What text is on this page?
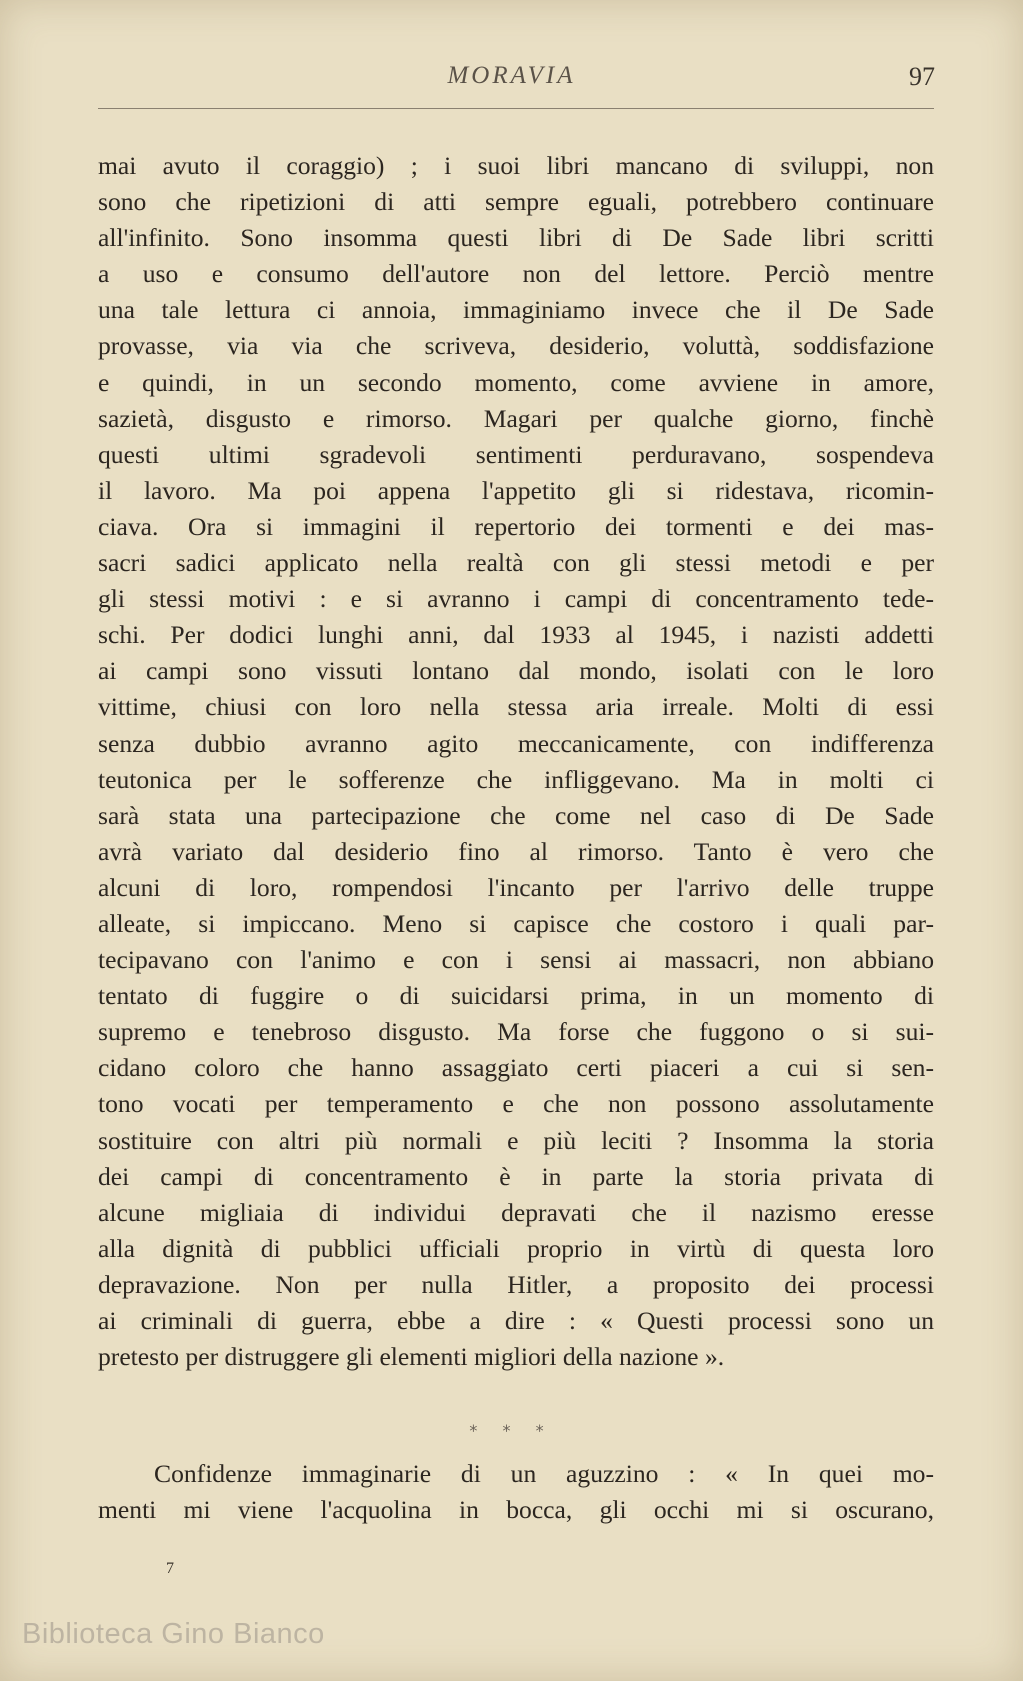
MORAVIA	97
mai avuto il coraggio) ; i suoi libri mancano di sviluppi, non
sono che ripetizioni di atti sempre eguali, potrebbero continuare
all'infinito. Sono insomma questi libri di De Sade libri scritti
a uso e consumo dell'autore non del lettore. Perciò mentre
una tale lettura ci annoia, immaginiamo invece che il De Sade
provasse, via via che scriveva, desiderio, voluttà, soddisfazione
e quindi, in un secondo momento, come avviene in amore,
sazietà, disgusto e rimorso. Magari per qualche giorno, finchè
questi ultimi sgradevoli sentimenti perduravano, sospendeva
il lavoro. Ma poi appena l'appetito gli si ridestava, ricomin-
ciava. Ora si immagini il repertorio dei tormenti e dei mas-
sacri sadici applicato nella realtà con gli stessi metodi e per
gli stessi motivi : e si avranno i campi di concentramento tede-
schi. Per dodici lunghi anni, dal 1933 al 1945, i nazisti addetti
ai campi sono vissuti lontano dal mondo, isolati con le loro
vittime, chiusi con loro nella stessa aria irreale. Molti di essi
senza dubbio avranno agito meccanicamente, con indifferenza
teutonica per le sofferenze che infliggevano. Ma in molti ci
sarà stata una partecipazione che come nel caso di De Sade
avrà variato dal desiderio fino al rimorso. Tanto è vero che
alcuni di loro, rompendosi l'incanto per l'arrivo delle truppe
alleate, si impiccano. Meno si capisce che costoro i quali par-
tecipavano con l'animo e con i sensi ai massacri, non abbiano
tentato di fuggire o di suicidarsi prima, in un momento di
supremo e tenebroso disgusto. Ma forse che fuggono o si sui-
cidano coloro che hanno assaggiato certi piaceri a cui si sen-
tono vocati per temperamento e che non possono assolutamente
sostituire con altri più normali e più leciti ? Insomma la storia
dei campi di concentramento è in parte la storia privata di
alcune migliaia di individui depravati che il nazismo eresse
alla dignità di pubblici ufficiali proprio in virtù di questa loro
depravazione. Non per nulla Hitler, a proposito dei processi
ai criminali di guerra, ebbe a dire : « Questi processi sono un
pretesto per distruggere gli elementi migliori della nazione ».
* * *
Confidenze immaginarie di un aguzzino : « In quei mo-
menti mi viene l'acquolina in bocca, gli occhi mi si oscurano,
7
Biblioteca Gino Bianco
